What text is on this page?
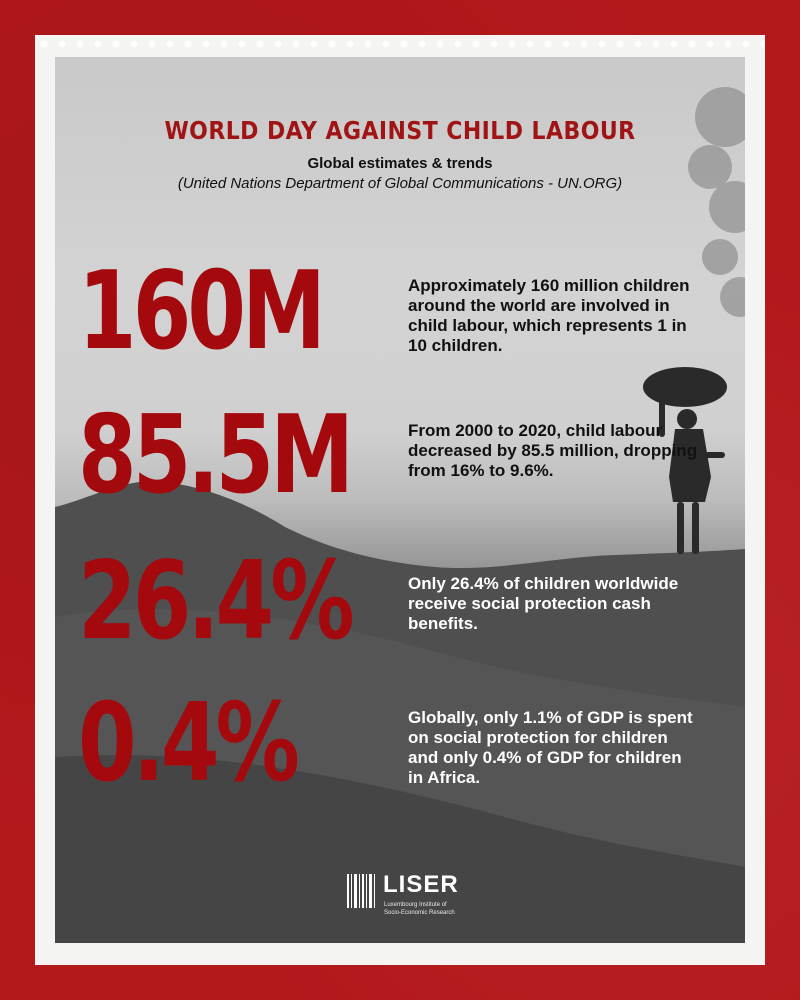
WORLD DAY AGAINST CHILD LABOUR
Global estimates & trends
(United Nations Department of Global Communications - UN.ORG)
160M	Approximately 160 million children around the world are involved in child labour, which represents 1 in 10 children.
85.5M	From 2000 to 2020, child labour decreased by 85.5 million, dropping from 16% to 9.6%.
26.4%	Only 26.4% of children worldwide receive social protection cash benefits.
0.4%	Globally, only 1.1% of GDP is spent on social protection for children and only 0.4% of GDP for children in Africa.
LISER
Luxembourg Institute of
Socio-Economic Research
